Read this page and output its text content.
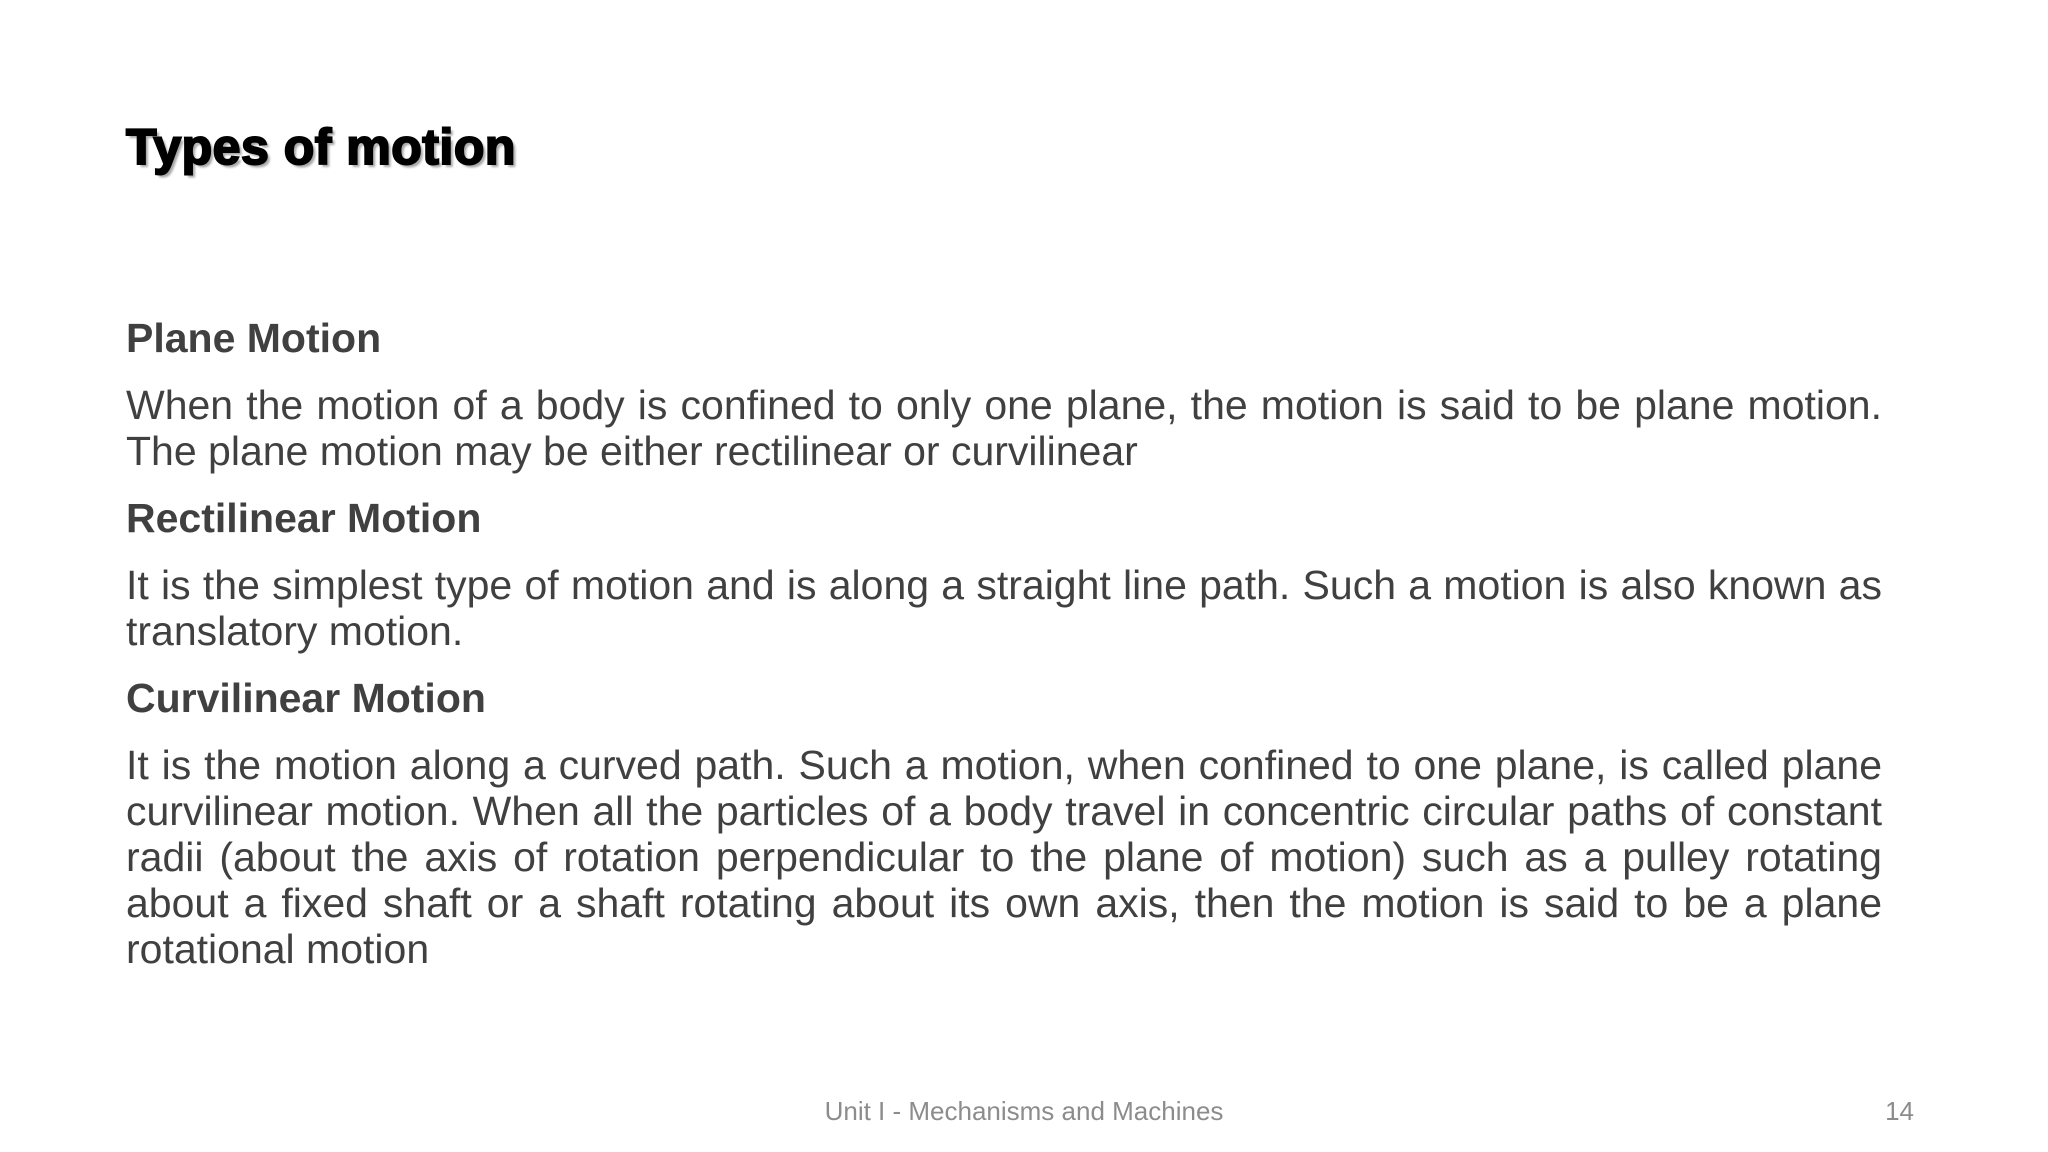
Types of motion

Plane Motion

When the motion of a body is confined to only one plane, the motion is said to be plane motion. The plane motion may be either rectilinear or curvilinear

Rectilinear Motion

It is the simplest type of motion and is along a straight line path. Such a motion is also known as translatory motion.

Curvilinear Motion

It is the motion along a curved path. Such a motion, when confined to one plane, is called plane curvilinear motion. When all the particles of a body travel in concentric circular paths of constant radii (about the axis of rotation perpendicular to the plane of motion) such as a pulley rotating about a fixed shaft or a shaft rotating about its own axis, then the motion is said to be a plane rotational motion

Unit I - Mechanisms and Machines	14
